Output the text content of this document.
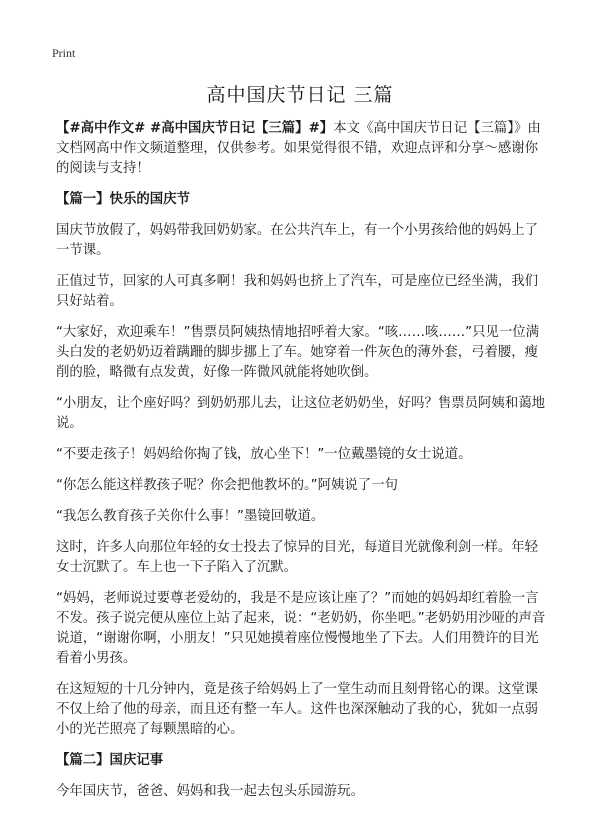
Print
高中国庆节日记 三篇

【#高中作文# #高中国庆节日记【三篇】#】本文《高中国庆节日记【三篇】》由文档网高中作文频道整理，仅供参考。如果觉得很不错，欢迎点评和分享～感谢你的阅读与支持！

【篇一】快乐的国庆节

国庆节放假了，妈妈带我回奶奶家。在公共汽车上，有一个小男孩给他的妈妈上了一节课。

正值过节，回家的人可真多啊！我和妈妈也挤上了汽车，可是座位已经坐满，我们只好站着。

“大家好，欢迎乘车！”售票员阿姨热情地招呼着大家。“咳……咳……”只见一位满头白发的老奶奶迈着蹒跚的脚步挪上了车。她穿着一件灰色的薄外套，弓着腰，瘦削的脸，略微有点发黄，好像一阵微风就能将她吹倒。

“小朋友，让个座好吗？到奶奶那儿去，让这位老奶奶坐，好吗？售票员阿姨和蔼地说。

“不要走孩子！妈妈给你掏了钱，放心坐下！”一位戴墨镜的女士说道。

“你怎么能这样教孩子呢？你会把他教坏的。”阿姨说了一句

“我怎么教育孩子关你什么事！”墨镜回敬道。

这时，许多人向那位年轻的女士投去了惊异的目光，每道目光就像利剑一样。年轻女士沉默了。车上也一下子陷入了沉默。

“妈妈，老师说过要尊老爱幼的，我是不是应该让座了？”而她的妈妈却红着脸一言不发。孩子说完便从座位上站了起来，说：“老奶奶，你坐吧。”老奶奶用沙哑的声音说道，“谢谢你啊，小朋友！”只见她摸着座位慢慢地坐了下去。人们用赞许的目光看着小男孩。

在这短短的十几分钟内，竟是孩子给妈妈上了一堂生动而且刻骨铭心的课。这堂课不仅上给了他的母亲，而且还有整一车人。这件也深深触动了我的心，犹如一点弱小的光芒照亮了每颗黑暗的心。

【篇二】国庆记事

今年国庆节，爸爸、妈妈和我一起去包头乐园游玩。
